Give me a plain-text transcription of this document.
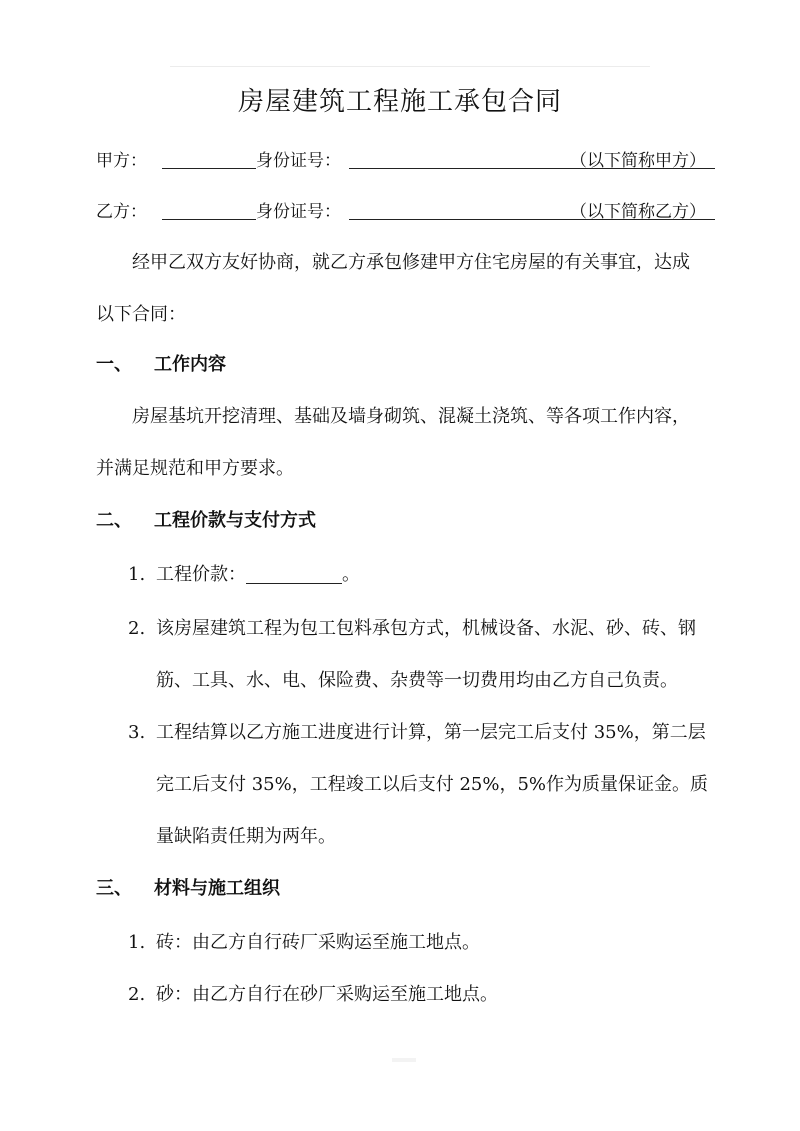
房屋建筑工程施工承包合同
甲方：	身份证号：	（以下简称甲方）
乙方：	身份证号：	（以下简称乙方）
经甲乙双方友好协商，就乙方承包修建甲方住宅房屋的有关事宜，达成
以下合同：
一、 工作内容
房屋基坑开挖清理、基础及墙身砌筑、混凝土浇筑、等各项工作内容，
并满足规范和甲方要求。
二、 工程价款与支付方式
1. 工程价款：	。
2. 该房屋建筑工程为包工包料承包方式，机械设备、水泥、砂、砖、钢
筋、工具、水、电、保险费、杂费等一切费用均由乙方自己负责。
3. 工程结算以乙方施工进度进行计算，第一层完工后支付 35%，第二层
完工后支付 35%，工程竣工以后支付 25%，5%作为质量保证金。质
量缺陷责任期为两年。
三、 材料与施工组织
1. 砖：由乙方自行砖厂采购运至施工地点。
2. 砂：由乙方自行在砂厂采购运至施工地点。
